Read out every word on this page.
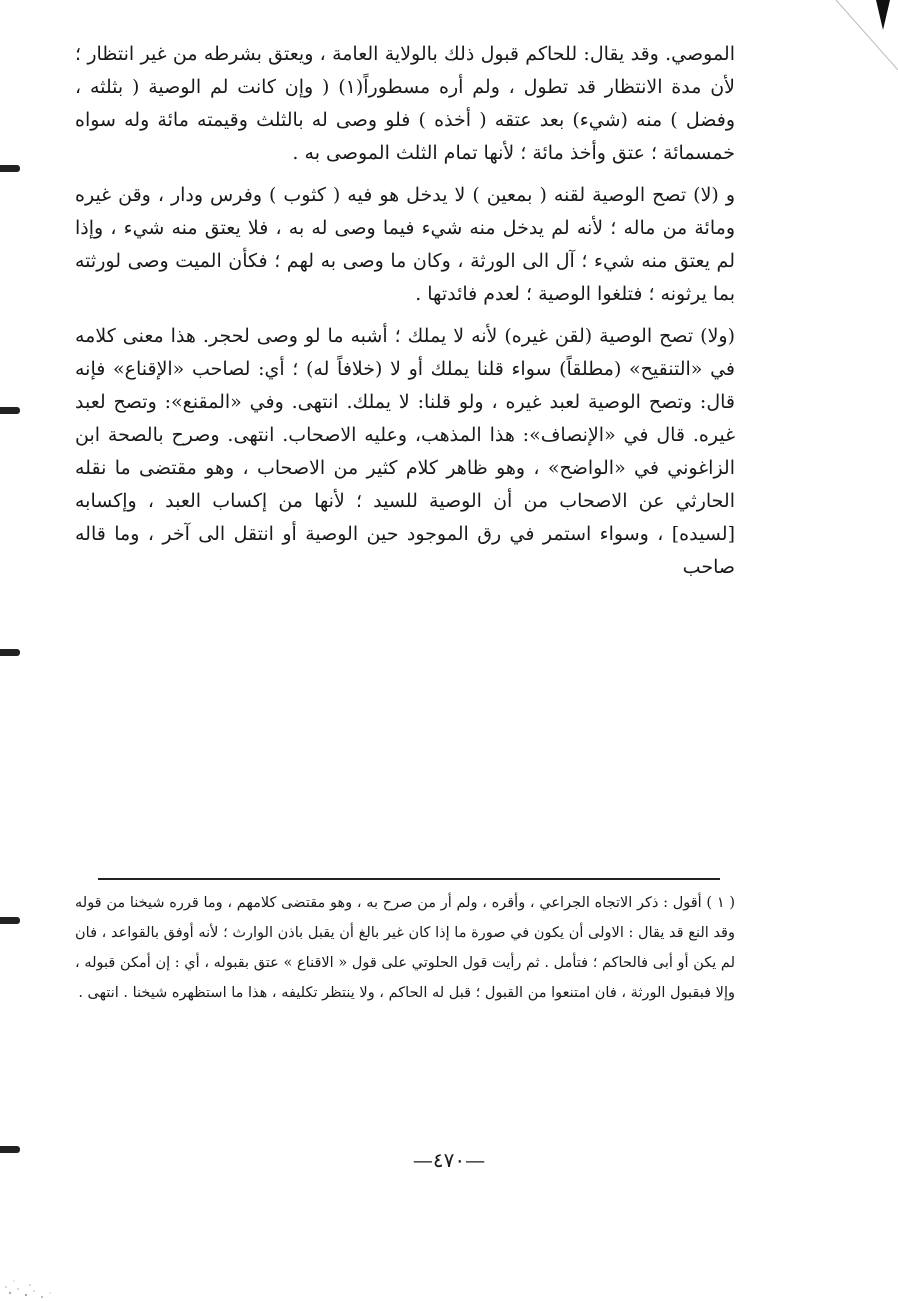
الموصي. وقد يقال: للحاكم قبول ذلك بالولاية العامة ، ويعتق بشرطه من غير انتظار ؛ لأن مدة الانتظار قد تطول ، ولم أره مسطوراً(١) ( وإن كانت لم الوصية ( بثلثه ، وفضل ) منه (شيء) بعد عتقه ( أخذه ) فلو وصى له بالثلث وقيمته مائة وله سواه خمسمائة ؛ عتق وأخذ مائة ؛ لأنها تمام الثلث الموصى به .

و (لا) تصح الوصية لقنه ( بمعين ) لا يدخل هو فيه ( كثوب ) وفرس ودار ، وقن غيره ومائة من ماله ؛ لأنه لم يدخل منه شيء فيما وصى له به ، فلا يعتق منه شيء ، وإذا لم يعتق منه شيء ؛ آل الى الورثة ، وكان ما وصى به لهم ؛ فكأن الميت وصى لورثته بما يرثونه ؛ فتلغوا الوصية ؛ لعدم فائدتها .

(ولا) تصح الوصية (لقن غيره) لأنه لا يملك ؛ أشبه ما لو وصى لحجر. هذا معنى كلامه في «التنقيح» (مطلقاً) سواء قلنا يملك أو لا (خلافاً له) ؛ أي: لصاحب «الإقناع» فإنه قال: وتصح الوصية لعبد غيره ، ولو قلنا: لا يملك. انتهى. وفي «المقنع»: وتصح لعبد غيره. قال في «الإنصاف»: هذا المذهب، وعليه الاصحاب. انتهى. وصرح بالصحة ابن الزاغوني في «الواضح» ، وهو ظاهر كلام كثير من الاصحاب ، وهو مقتضى ما نقله الحارثي عن الاصحاب من أن الوصية للسيد ؛ لأنها من إكساب العبد ، وإكسابه [لسيده] ، وسواء استمر في رق الموجود حين الوصية أو انتقل الى آخر ، وما قاله صاحب

( ١ ) أقول : ذكر الاتجاه الجراعي ، وأقره ، ولم أر من صرح به ، وهو مقتضى كلامهم ، وما قرره شيخنا من قوله وقد النع قد يقال : الاولى أن يكون في صورة ما إذا كان غير بالغ أن يقبل باذن الوارث ؛ لأنه أوفق بالقواعد ، فان لم يكن أو أبى فالحاكم ؛ فتأمل . ثم رأيت قول الحلوتي على قول « الاقناع » عتق بقبوله ، أي : إن أمكن قبوله ، وإلا فبقبول الورثة ، فان امتنعوا من القبول ؛ قبل له الحاكم ، ولا ينتظر تكليفه ، هذا ما استظهره شيخنا . انتهى .

—٤٧٠—
